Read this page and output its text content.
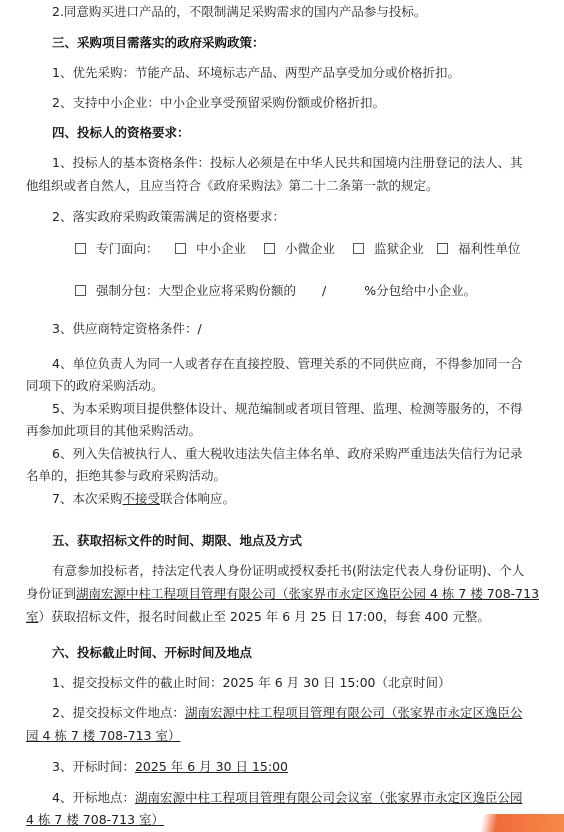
2.同意购买进口产品的，不限制满足采购需求的国内产品参与投标。
三、采购项目需落实的政府采购政策：
1、优先采购：节能产品、环境标志产品、两型产品享受加分或价格折扣。
2、支持中小企业：中小企业享受预留采购份额或价格折扣。
四、投标人的资格要求：
1、投标人的基本资格条件：投标人必须是在中华人民共和国境内注册登记的法人、其
他组织或者自然人，且应当符合《政府采购法》第二十二条第一款的规定。
2、落实政府采购政策需满足的资格要求：
专门面向：	中小企业	小微企业	监狱企业	福利性单位
强制分包：大型企业应将采购份额的 /	%分包给中小企业。
3、供应商特定资格条件：/
4、单位负责人为同一人或者存在直接控股、管理关系的不同供应商，不得参加同一合
同项下的政府采购活动。
5、为本采购项目提供整体设计、规范编制或者项目管理、监理、检测等服务的，不得
再参加此项目的其他采购活动。
6、列入失信被执行人、重大税收违法失信主体名单、政府采购严重违法失信行为记录
名单的，拒绝其参与政府采购活动。
7、本次采购不接受联合体响应。
五、获取招标文件的时间、期限、地点及方式
有意参加投标者，持法定代表人身份证明或授权委托书(附法定代表人身份证明)、个人
身份证到湖南宏源中柱工程项目管理有限公司（张家界市永定区逸臣公园 4 栋 7 楼 708-713
室）获取招标文件，报名时间截止至 2025 年 6 月 25 日 17:00，每套 400 元整。
六、投标截止时间、开标时间及地点
1、提交投标文件的截止时间：2025 年 6 月 30 日 15:00（北京时间）
2、提交投标文件地点：湖南宏源中柱工程项目管理有限公司（张家界市永定区逸臣公
园 4 栋 7 楼 708-713 室）
3、开标时间：2025 年 6 月 30 日 15:00
4、开标地点：湖南宏源中柱工程项目管理有限公司会议室（张家界市永定区逸臣公园
4 栋 7 楼 708-713 室）
